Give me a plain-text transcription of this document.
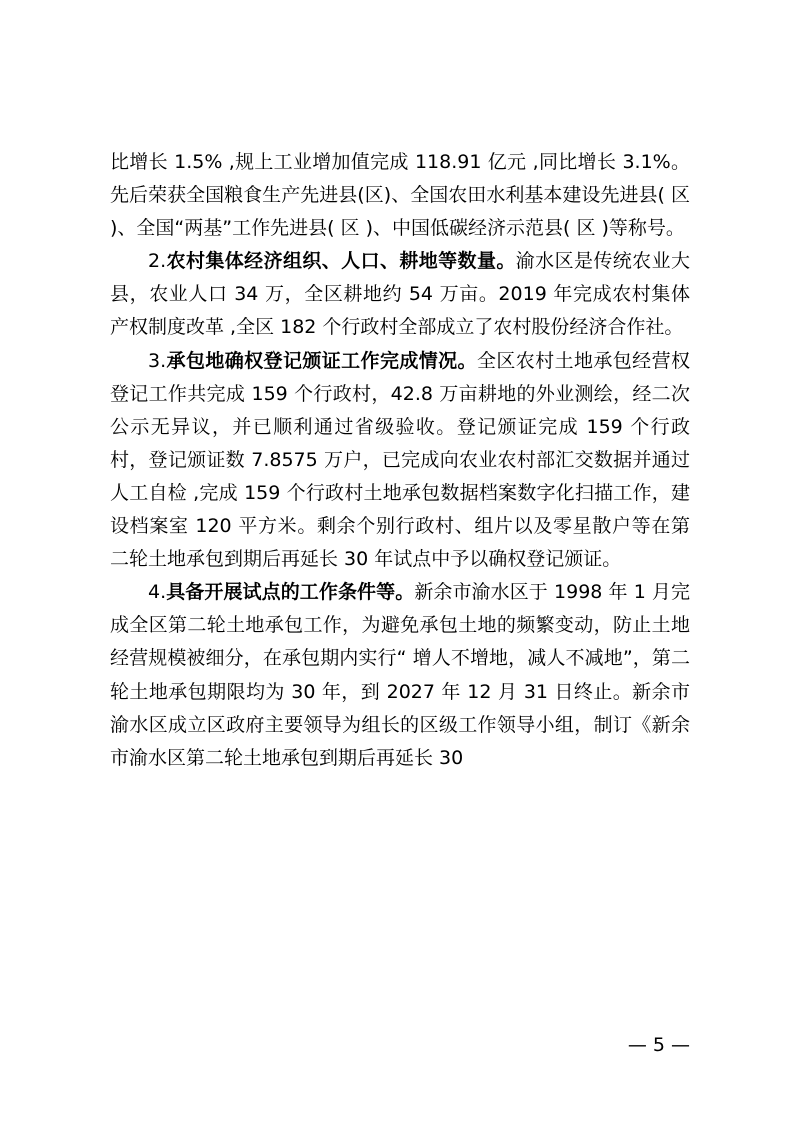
比增长 1.5% ,规上工业增加值完成 118.91 亿元 ,同比增长 3.1%。先后荣获全国粮食生产先进县(区)、全国农田水利基本建设先进县( 区 )、全国“两基”工作先进县( 区 )、中国低碳经济示范县( 区 )等称号。

2.农村集体经济组织、人口、耕地等数量。渝水区是传统农业大县，农业人口 34 万，全区耕地约 54 万亩。2019 年完成农村集体产权制度改革 ,全区 182 个行政村全部成立了农村股份经济合作社。

3.承包地确权登记颁证工作完成情况。全区农村土地承包经营权登记工作共完成 159 个行政村，42.8 万亩耕地的外业测绘，经二次公示无异议，并已顺利通过省级验收。登记颁证完成 159 个行政村，登记颁证数 7.8575 万户，已完成向农业农村部汇交数据并通过人工自检 ,完成 159 个行政村土地承包数据档案数字化扫描工作，建设档案室 120 平方米。剩余个别行政村、组片以及零星散户等在第二轮土地承包到期后再延长 30 年试点中予以确权登记颁证。

4.具备开展试点的工作条件等。新余市渝水区于 1998 年 1 月完成全区第二轮土地承包工作，为避免承包土地的频繁变动，防止土地经营规模被细分，在承包期内实行“ 增人不增地，减人不减地”，第二轮土地承包期限均为 30 年，到 2027 年 12 月 31 日终止。新余市渝水区成立区政府主要领导为组长的区级工作领导小组，制订《新余市渝水区第二轮土地承包到期后再延长 30

— 5 —
